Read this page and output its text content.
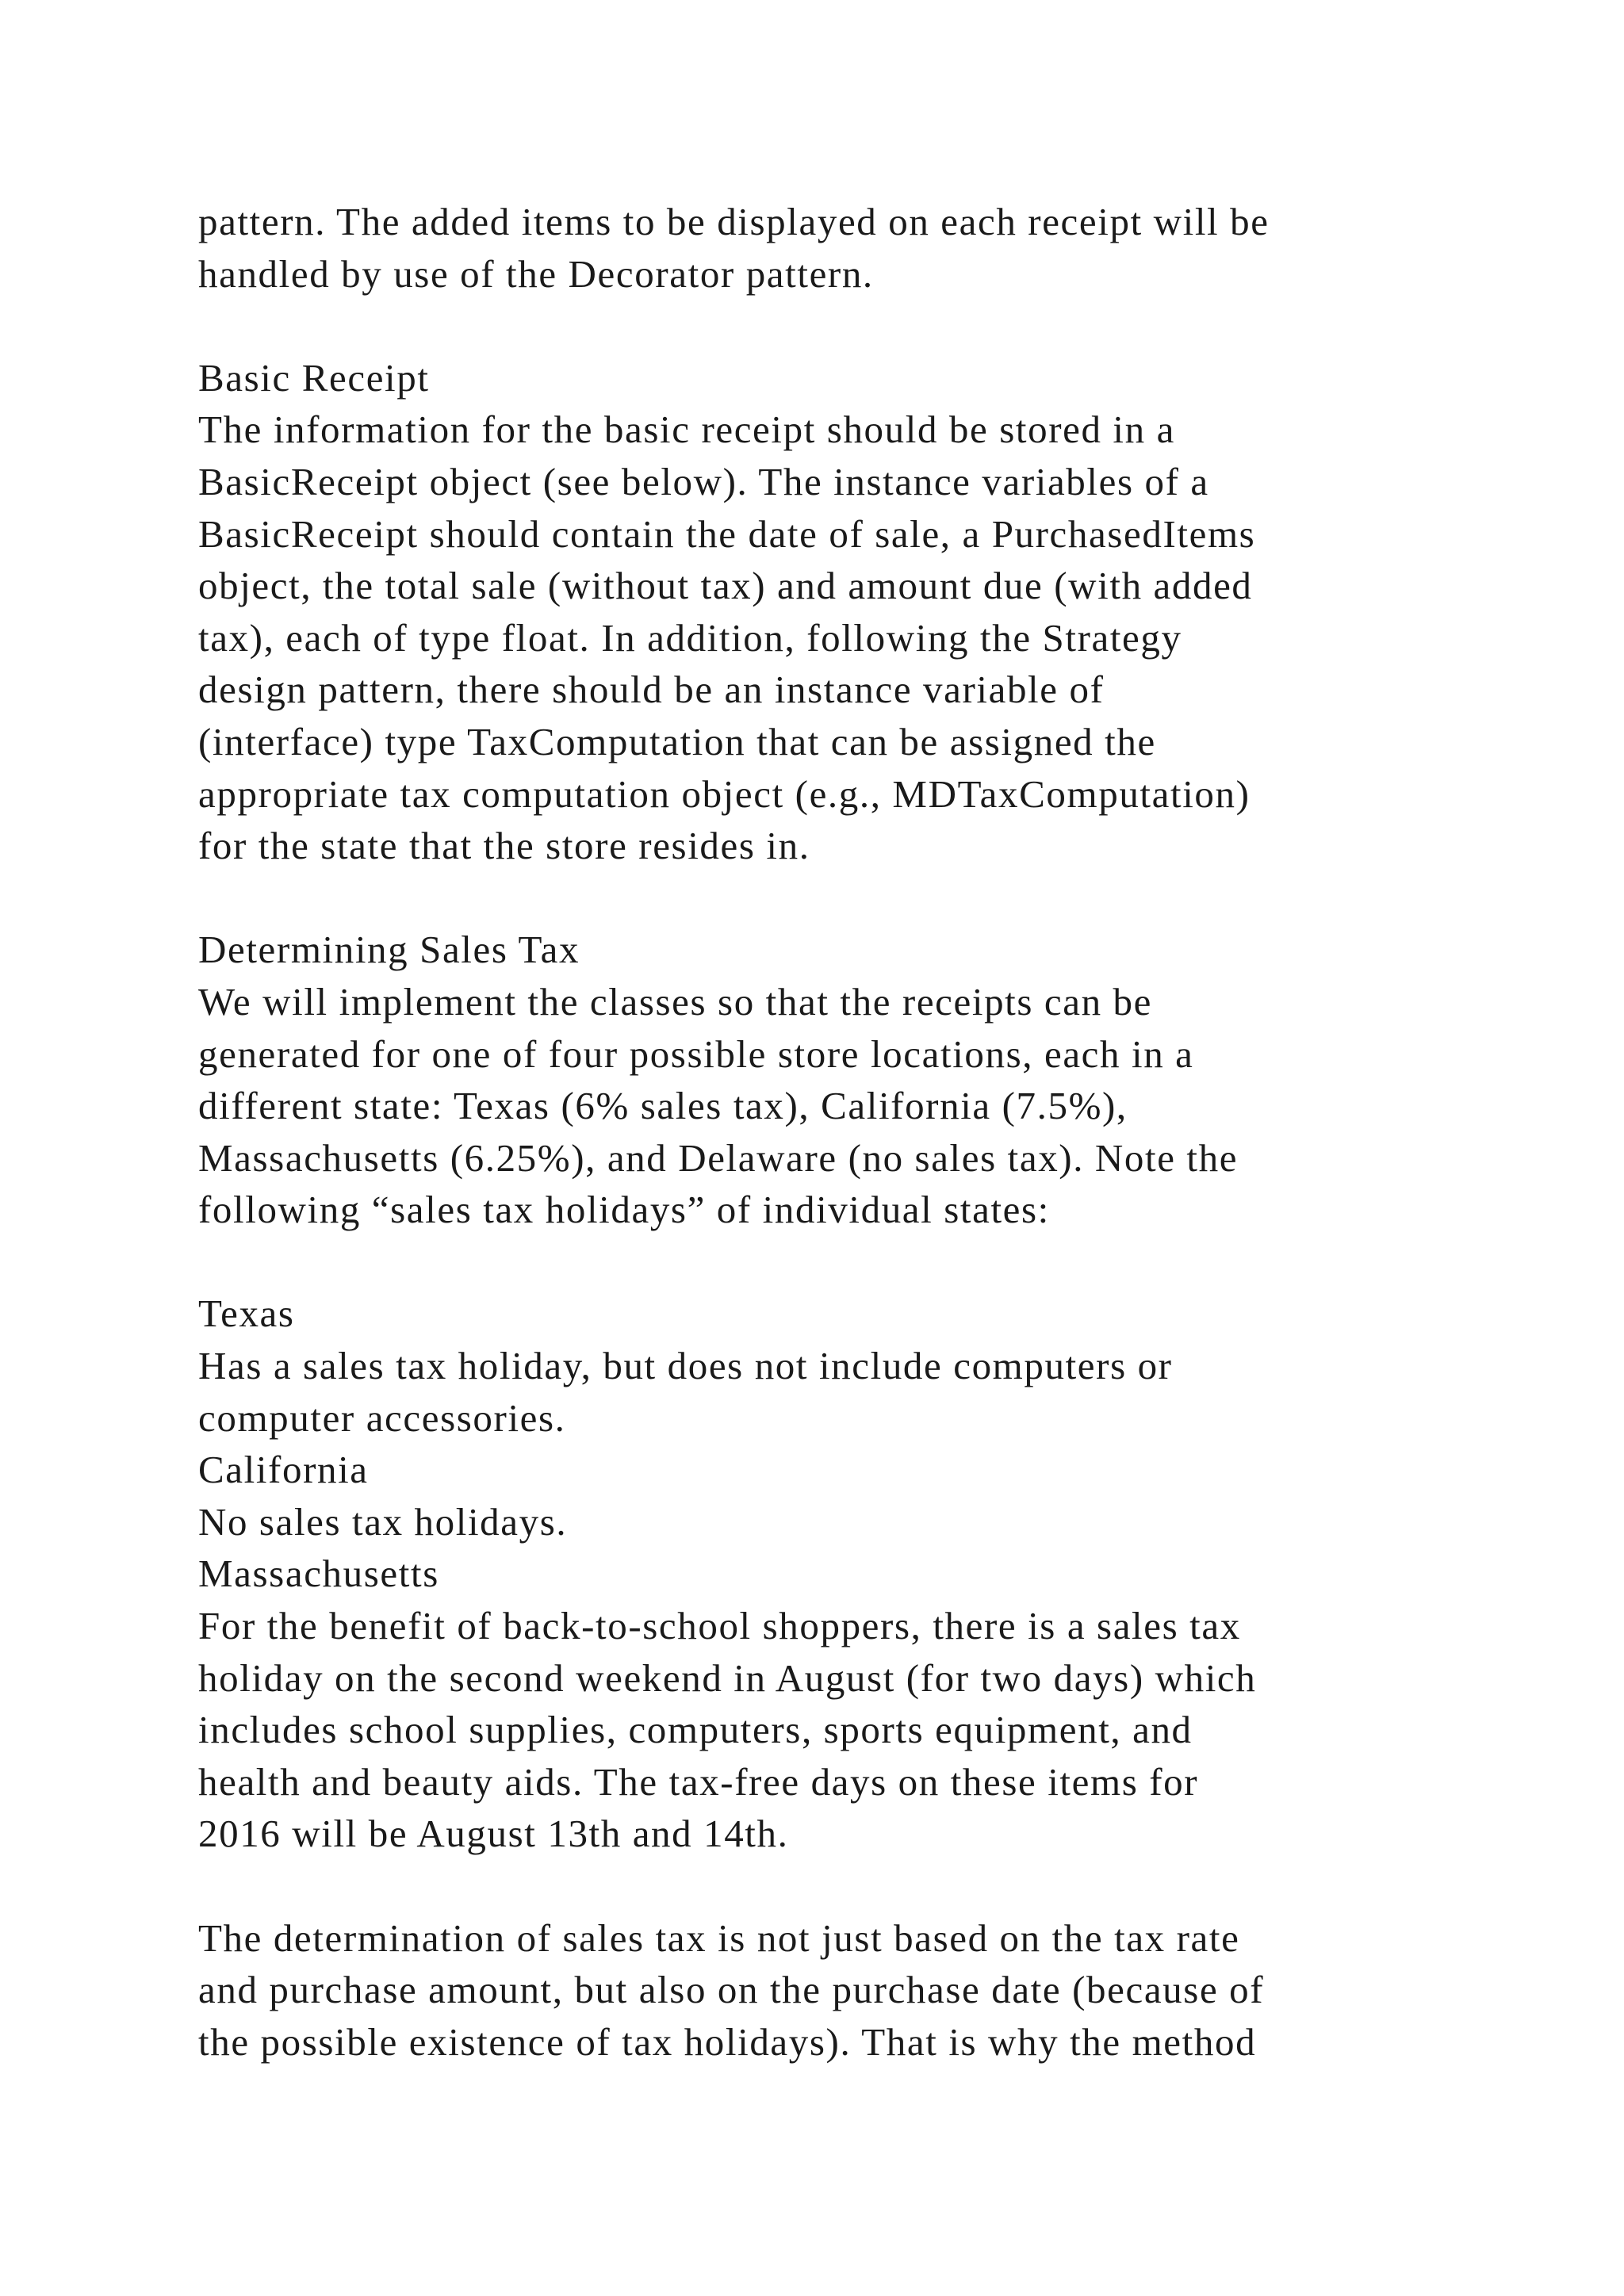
pattern. The added items to be displayed on each receipt will be
handled by use of the Decorator pattern.
Basic Receipt
The information for the basic receipt should be stored in a
BasicReceipt object (see below). The instance variables of a
BasicReceipt should contain the date of sale, a PurchasedItems
object, the total sale (without tax) and amount due (with added
tax), each of type float. In addition, following the Strategy
design pattern, there should be an instance variable of
(interface) type TaxComputation that can be assigned the
appropriate tax computation object (e.g., MDTaxComputation)
for the state that the store resides in.
Determining Sales Tax
We will implement the classes so that the receipts can be
generated for one of four possible store locations, each in a
different state: Texas (6% sales tax), California (7.5%),
Massachusetts (6.25%), and Delaware (no sales tax). Note the
following “sales tax holidays” of individual states:
Texas
Has a sales tax holiday, but does not include computers or
computer accessories.
California
No sales tax holidays.
Massachusetts
For the benefit of back-to-school shoppers, there is a sales tax
holiday on the second weekend in August (for two days) which
includes school supplies, computers, sports equipment, and
health and beauty aids. The tax-free days on these items for
2016 will be August 13th and 14th.
The determination of sales tax is not just based on the tax rate
and purchase amount, but also on the purchase date (because of
the possible existence of tax holidays). That is why the method
